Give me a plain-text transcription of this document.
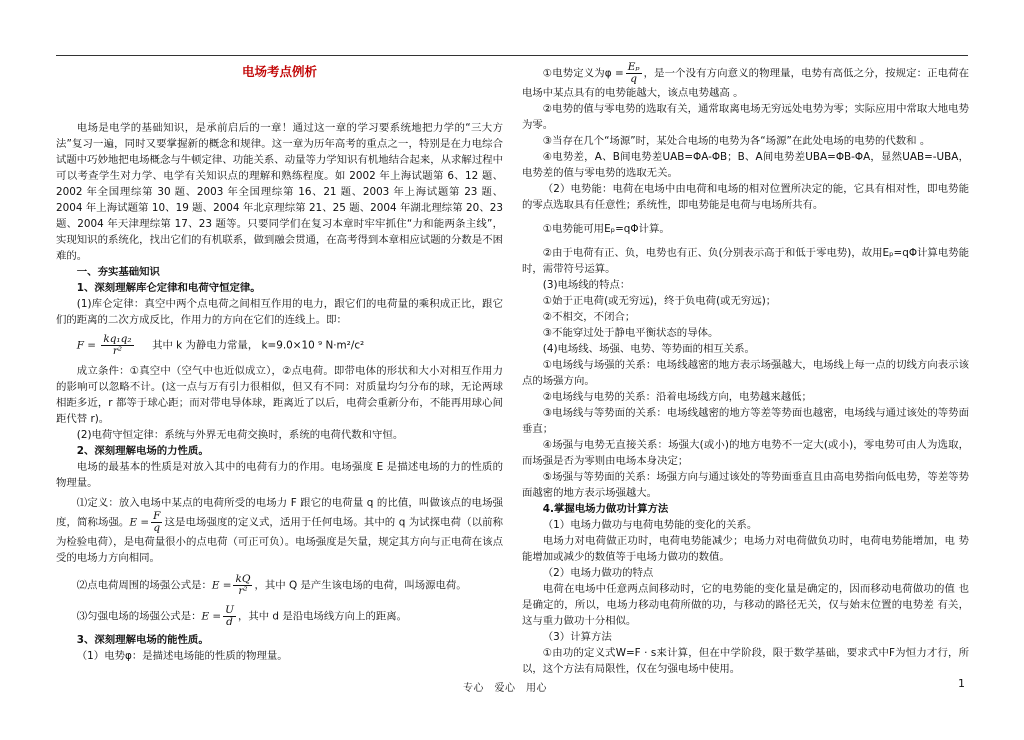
电场考点例析

电场是电学的基础知识，是承前启后的一章！通过这一章的学习要系统地把力学的“三大方法”复习一遍，同时又要掌握新的概念和规律。这一章为历年高考的重点之一，特别是在力电综合试题中巧妙地把电场概念与牛顿定律、功能关系、动量等力学知识有机地结合起来，从求解过程中可以考查学生对力学、电学有关知识点的理解和熟练程度。如 2002 年上海试题第 6、12 题、2002 年全国理综第 30 题、2003 年全国理综第 16、21 题、2003 年上海试题第 23 题、2004 年上海试题第 10、19 题、2004 年北京理综第 21、25 题、2004 年湖北理综第 20、23 题、2004 年天津理综第 17、23 题等。只要同学们在复习本章时牢牢抓住“力和能两条主线”，实现知识的系统化，找出它们的有机联系，做到融会贯通，在高考得到本章相应试题的分数是不困难的。

一、夯实基础知识

1、深刻理解库仑定律和电荷守恒定律。

(1)库仑定律：真空中两个点电荷之间相互作用的电力，跟它们的电荷量的乘积成正比，跟它们的距离的二次方成反比，作用力的方向在它们的连线上。即：

$F = \frac{\text{kq₁q₂}}{\text{r²}}$ 其中 k 为静电力常量， k=9.0×10 ⁹ N·m²/c²

成立条件：①真空中（空气中也近似成立），②点电荷。即带电体的形状和大小对相互作用力的影响可以忽略不计。(这一点与万有引力很相似，但又有不同：对质量均匀分布的球，无论两球相距多近，r 都等于球心距；而对带电导体球，距离近了以后，电荷会重新分布，不能再用球心间距代替 r)。

(2)电荷守恒定律：系统与外界无电荷交换时，系统的电荷代数和守恒。

2、深刻理解电场的力性质。

电场的最基本的性质是对放入其中的电荷有力的作用。电场强度 E 是描述电场的力的性质的物理量。

⑴定义：放入电场中某点的电荷所受的电场力 F 跟它的电荷量 q 的比值，叫做该点的电场强度，简称场强。$E = \frac{F}{q}$ 这是电场强度的定义式，适用于任何电场。其中的 q 为试探电荷（以前称为检验电荷），是电荷量很小的点电荷（可正可负）。电场强度是矢量，规定其方向与正电荷在该点受的电场力方向相同。

⑵点电荷周围的场强公式是：$E = \frac{kQ}{\text{r²}}$ ，其中 Q 是产生该电场的电荷，叫场源电荷。

⑶匀强电场的场强公式是：$E = \frac{U}{d}$ ，其中 d 是沿电场线方向上的距离。

3、深刻理解电场的能性质。

（1）电势φ：是描述电场能的性质的物理量。

①电势定义为$\varphi = \frac{\text{Eₚ}}{q}$ ，是一个没有方向意义的物理量，电势有高低之分，按规定：正电荷在电场中某点具有的电势能越大，该点电势越高 。

②电势的值与零电势的选取有关，通常取离电场无穷远处电势为零；实际应用中常取大地电势为零。

③当存在几个“场源”时，某处合电场的电势为各“场源”在此处电场的电势的代数和 。

④电势差，A、B间电势差UAB=ΦA-ΦB；B、A间电势差UBA=ΦB-ΦA，显然UAB=-UBA，电势差的值与零电势的选取无关。

（2）电势能：电荷在电场中由电荷和电场的相对位置所决定的能，它具有相对性，即电势能的零点选取具有任意性；系统性，即电势能是电荷与电场所共有。

①电势能可用Eₚ=qΦ计算。

②由于电荷有正、负，电势也有正、负(分别表示高于和低于零电势)，故用Eₚ=qΦ计算电势能时，需带符号运算。

(3)电场线的特点：

①始于正电荷(或无穷远)，终于负电荷(或无穷远)；

②不相交，不闭合；

③不能穿过处于静电平衡状态的导体。

(4)电场线、场强、电势、等势面的相互关系。

①电场线与场强的关系：电场线越密的地方表示场强越大，电场线上每一点的切线方向表示该点的场强方向。

②电场线与电势的关系：沿着电场线方向，电势越来越低；

③电场线与等势面的关系：电场线越密的地方等差等势面也越密，电场线与通过该处的等势面垂直；

④场强与电势无直接关系：场强大(或小)的地方电势不一定大(或小)，零电势可由人为选取，而场强是否为零则由电场本身决定；

⑤场强与等势面的关系：场强方向与通过该处的等势面垂直且由高电势指向低电势，等差等势面越密的地方表示场强越大。

4.掌握电场力做功计算方法

（1）电场力做功与电荷电势能的变化的关系。

电场力对电荷做正功时，电荷电势能减少；电场力对电荷做负功时，电荷电势能增加，电 势能增加或减少的数值等于电场力做功的数值。

（2）电场力做功的特点

电荷在电场中任意两点间移动时，它的电势能的变化量是确定的，因而移动电荷做功的值 也是确定的，所以，电场力移动电荷所做的功，与移动的路径无关，仅与始末位置的电势差 有关，这与重力做功十分相似。

（3）计算方法

①由功的定义式W=F · s来计算，但在中学阶段，限于数学基础，要求式中F为恒力才行，所以，这个方法有局限性，仅在匀强电场中使用。

专心　爱心　用心	1
